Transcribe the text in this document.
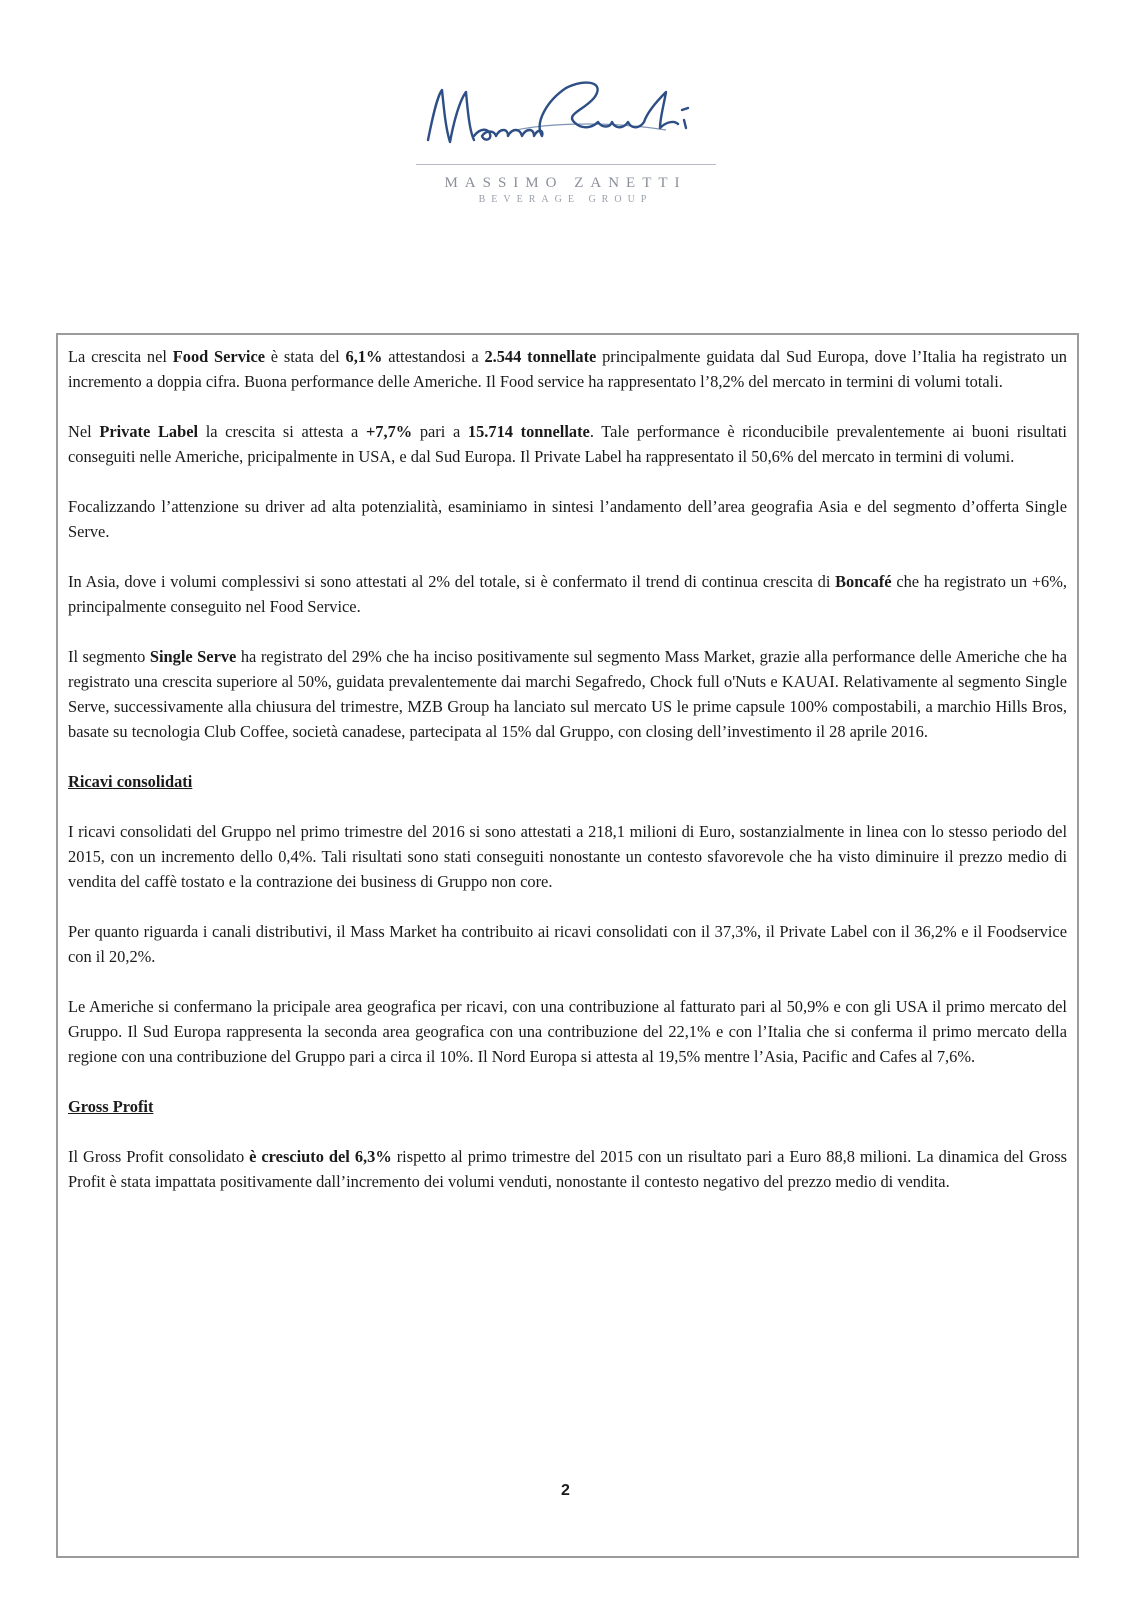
MASSIMO ZANETTI
BEVERAGE GROUP

La crescita nel Food Service è stata del 6,1% attestandosi a 2.544 tonnellate principalmente guidata dal Sud Europa, dove l’Italia ha registrato un incremento a doppia cifra. Buona performance delle Americhe. Il Food service ha rappresentato l’8,2% del mercato in termini di volumi totali.

Nel Private Label la crescita si attesta a +7,7% pari a 15.714 tonnellate. Tale performance è riconducibile prevalentemente ai buoni risultati conseguiti nelle Americhe, pricipalmente in USA, e dal Sud Europa. Il Private Label ha rappresentato il 50,6% del mercato in termini di volumi.

Focalizzando l’attenzione su driver ad alta potenzialità, esaminiamo in sintesi l’andamento dell’area geografia Asia e del segmento d’offerta Single Serve.

In Asia, dove i volumi complessivi si sono attestati al 2% del totale, si è confermato il trend di continua crescita di Boncafé che ha registrato un +6%, principalmente conseguito nel Food Service.

Il segmento Single Serve ha registrato del 29% che ha inciso positivamente sul segmento Mass Market, grazie alla performance delle Americhe che ha registrato una crescita superiore al 50%, guidata prevalentemente dai marchi Segafredo, Chock full o'Nuts e KAUAI. Relativamente al segmento Single Serve, successivamente alla chiusura del trimestre, MZB Group ha lanciato sul mercato US le prime capsule 100% compostabili, a marchio Hills Bros, basate su tecnologia Club Coffee, società canadese, partecipata al 15% dal Gruppo, con closing dell’investimento il 28 aprile 2016.

Ricavi consolidati

I ricavi consolidati del Gruppo nel primo trimestre del 2016 si sono attestati a 218,1 milioni di Euro, sostanzialmente in linea con lo stesso periodo del 2015, con un incremento dello 0,4%. Tali risultati sono stati conseguiti nonostante un contesto sfavorevole che ha visto diminuire il prezzo medio di vendita del caffè tostato e la contrazione dei business di Gruppo non core.

Per quanto riguarda i canali distributivi, il Mass Market ha contribuito ai ricavi consolidati con il 37,3%, il Private Label con il 36,2% e il Foodservice con il 20,2%.

Le Americhe si confermano la pricipale area geografica per ricavi, con una contribuzione al fatturato pari al 50,9% e con gli USA il primo mercato del Gruppo. Il Sud Europa rappresenta la seconda area geografica con una contribuzione del 22,1% e con l’Italia che si conferma il primo mercato della regione con una contribuzione del Gruppo pari a circa il 10%. Il Nord Europa si attesta al 19,5% mentre l’Asia, Pacific and Cafes al 7,6%.

Gross Profit

Il Gross Profit consolidato è cresciuto del 6,3% rispetto al primo trimestre del 2015 con un risultato pari a Euro 88,8 milioni. La dinamica del Gross Profit è stata impattata positivamente dall’incremento dei volumi venduti, nonostante il contesto negativo del prezzo medio di vendita.

2
